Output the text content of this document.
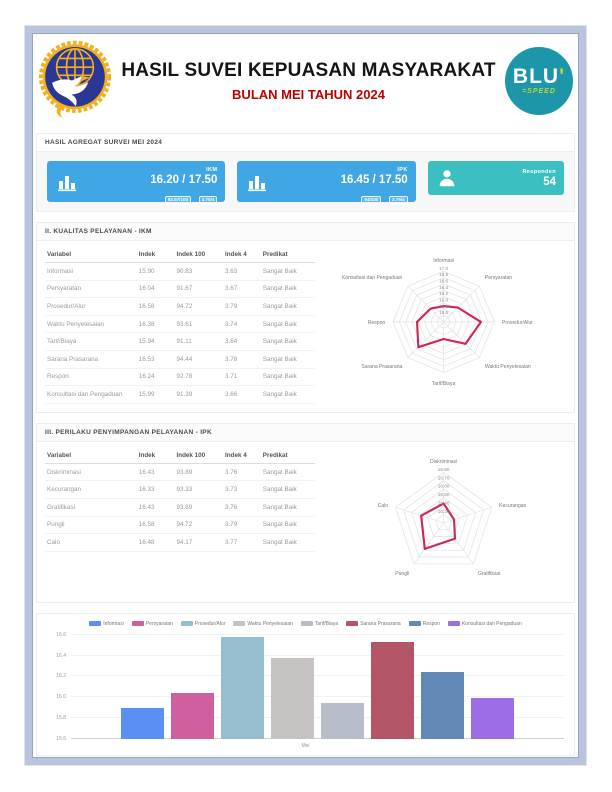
HASIL SUVEI KEPUASAN MASYARAKAT
BULAN MEI TAHUN 2024
BLU'
=SPEED
HASIL AGREGAT SURVEI MEI 2024
IKM
16.20 / 17.50
92.57/100	3.70/4
IPK
16.45 / 17.50
94/100	3.76/4
Responden
54
II. KUALITAS PELAYANAN - IKM
Variabel	Indek	Indek 100	Indek 4	Predikat
Informasi	15.90	90.83	3.63	Sangat Baik
Persyaratan	16.04	91.67	3.67	Sangat Baik
Prosedur/Alur	16.58	94.72	3.79	Sangat Baik
Waktu Penyelesaian	16.38	93.61	3.74	Sangat Baik
Tarif/Biaya	15.94	91.11	3.64	Sangat Baik
Sarana Prasarana	16.53	94.44	3.78	Sangat Baik
Respon	16.24	92.78	3.71	Sangat Baik
Konsultasi dan Pengaduan	15.99	91.39	3.66	Sangat Baik
17.0
16.8
16.6
16.4
16.2
16.0
15.8
15.6
Informasi
Persyaratan
Prosedur/Alur
Waktu Penyelesaian
Tarif/Biaya
Sarana Prasarana
Respon
Konsultasi dan Pengaduan
III. PERILAKU PENYIMPANGAN PELAYANAN - IPK
Variabel	Indek	Indek 100	Indek 4	Predikat
Diskriminasi	16.43	93.89	3.76	Sangat Baik
Kecurangan	16.33	93.33	3.73	Sangat Baik
Gratifikasi	16.43	93.89	3.76	Sangat Baik
Pungli	16.58	94.72	3.79	Sangat Baik
Calo	16.48	94.17	3.77	Sangat Baik
16.80
16.70
16.60
16.50
16.40
16.30
Diskriminasi
Kecurangan
Gratifikasi
Pungli
Calo
Informasi	Persyaratan	Prosedur/Alur	Waktu Penyelesaian	Tarif/Biaya	Sarana Prasarana	Respon	Konsultasi dan Pengaduan
16.6
16.4
16.2
16.0
15.8
15.6
Mei
